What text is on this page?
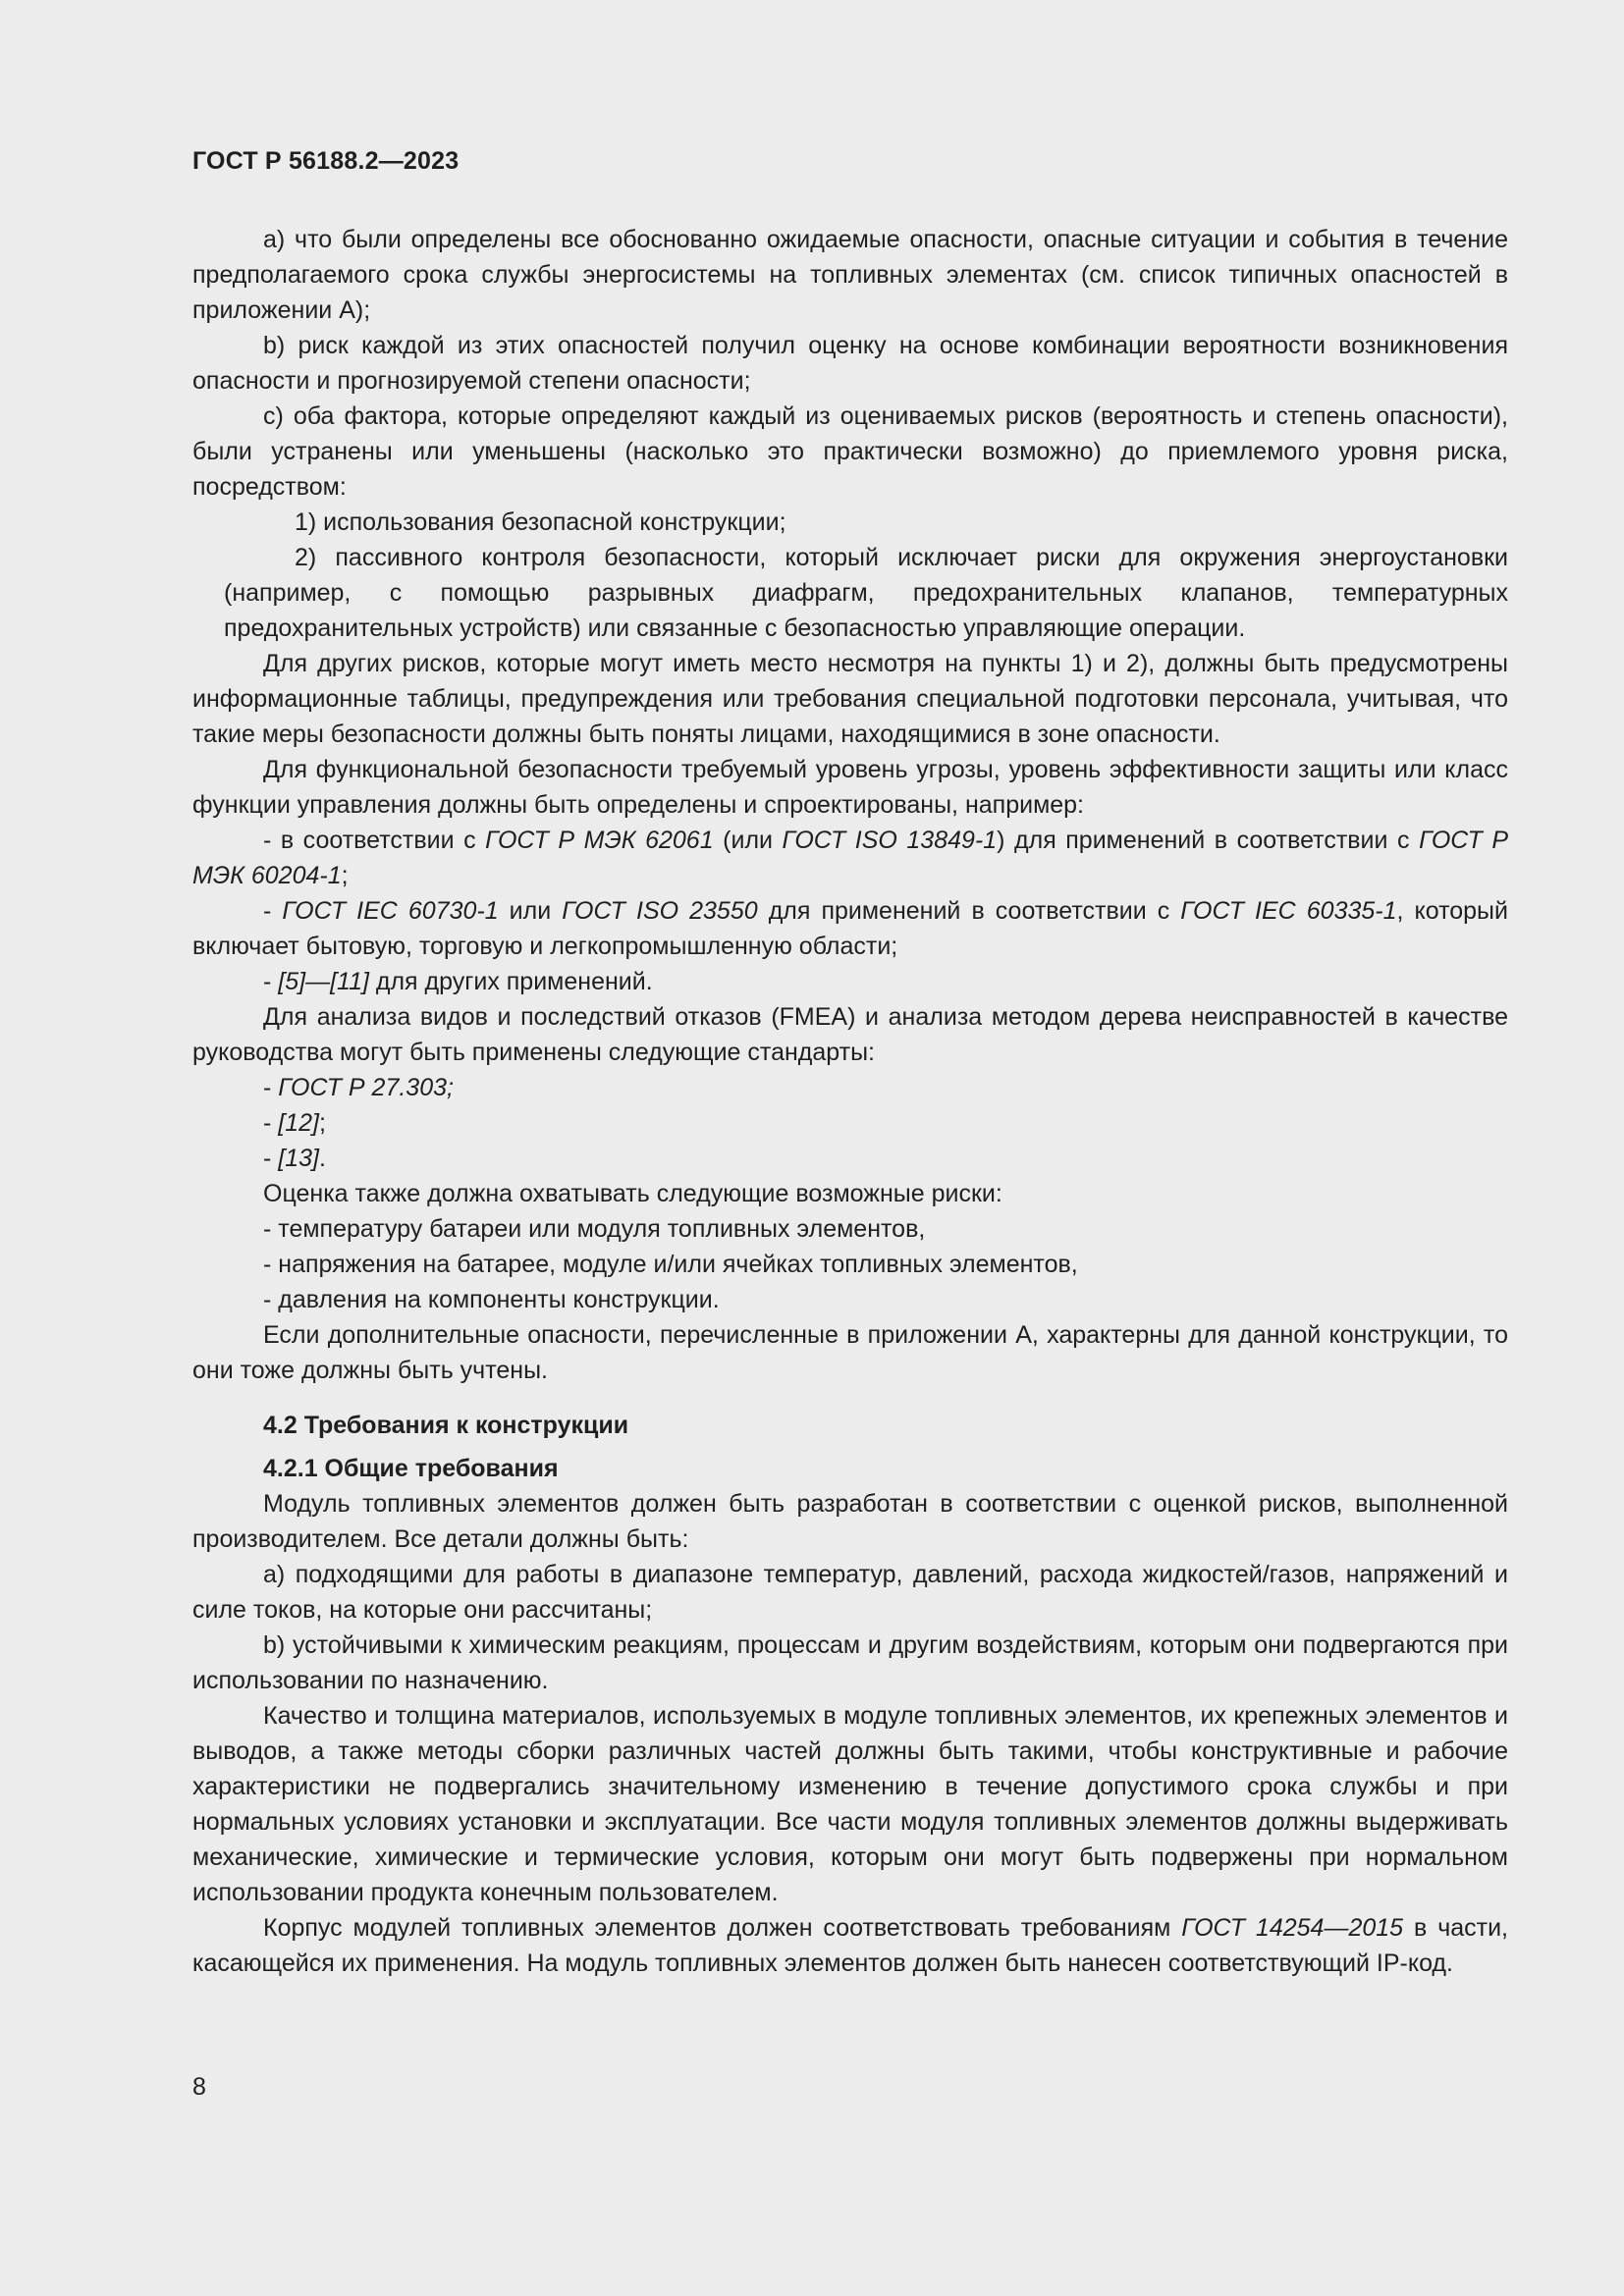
ГОСТ Р 56188.2—2023

a) что были определены все обоснованно ожидаемые опасности, опасные ситуации и события в течение предполагаемого срока службы энергосистемы на топливных элементах (см. список типичных опасностей в приложении А);

b) риск каждой из этих опасностей получил оценку на основе комбинации вероятности возникновения опасности и прогнозируемой степени опасности;

c) оба фактора, которые определяют каждый из оцениваемых рисков (вероятность и степень опасности), были устранены или уменьшены (насколько это практически возможно) до приемлемого уровня риска, посредством:

1) использования безопасной конструкции;

2) пассивного контроля безопасности, который исключает риски для окружения энергоустановки (например, с помощью разрывных диафрагм, предохранительных клапанов, температурных предохранительных устройств) или связанные с безопасностью управляющие операции.

Для других рисков, которые могут иметь место несмотря на пункты 1) и 2), должны быть предусмотрены информационные таблицы, предупреждения или требования специальной подготовки персонала, учитывая, что такие меры безопасности должны быть поняты лицами, находящимися в зоне опасности.

Для функциональной безопасности требуемый уровень угрозы, уровень эффективности защиты или класс функции управления должны быть определены и спроектированы, например:

- в соответствии с ГОСТ Р МЭК 62061 (или ГОСТ ISO 13849-1) для применений в соответствии с ГОСТ Р МЭК 60204-1;

- ГОСТ IEC 60730-1 или ГОСТ ISO 23550 для применений в соответствии с ГОСТ IEC 60335-1, который включает бытовую, торговую и легкопромышленную области;

- [5]—[11] для других применений.

Для анализа видов и последствий отказов (FMEA) и анализа методом дерева неисправностей в качестве руководства могут быть применены следующие стандарты:

- ГОСТ Р 27.303;

- [12];

- [13].

Оценка также должна охватывать следующие возможные риски:

- температуру батареи или модуля топливных элементов,

- напряжения на батарее, модуле и/или ячейках топливных элементов,

- давления на компоненты конструкции.

Если дополнительные опасности, перечисленные в приложении А, характерны для данной конструкции, то они тоже должны быть учтены.

4.2 Требования к конструкции

4.2.1 Общие требования

Модуль топливных элементов должен быть разработан в соответствии с оценкой рисков, выполненной производителем. Все детали должны быть:

a) подходящими для работы в диапазоне температур, давлений, расхода жидкостей/газов, напряжений и силе токов, на которые они рассчитаны;

b) устойчивыми к химическим реакциям, процессам и другим воздействиям, которым они подвергаются при использовании по назначению.

Качество и толщина материалов, используемых в модуле топливных элементов, их крепежных элементов и выводов, а также методы сборки различных частей должны быть такими, чтобы конструктивные и рабочие характеристики не подвергались значительному изменению в течение допустимого срока службы и при нормальных условиях установки и эксплуатации. Все части модуля топливных элементов должны выдерживать механические, химические и термические условия, которым они могут быть подвержены при нормальном использовании продукта конечным пользователем.

Корпус модулей топливных элементов должен соответствовать требованиям ГОСТ 14254—2015 в части, касающейся их применения. На модуль топливных элементов должен быть нанесен соответствующий IP-код.

8
